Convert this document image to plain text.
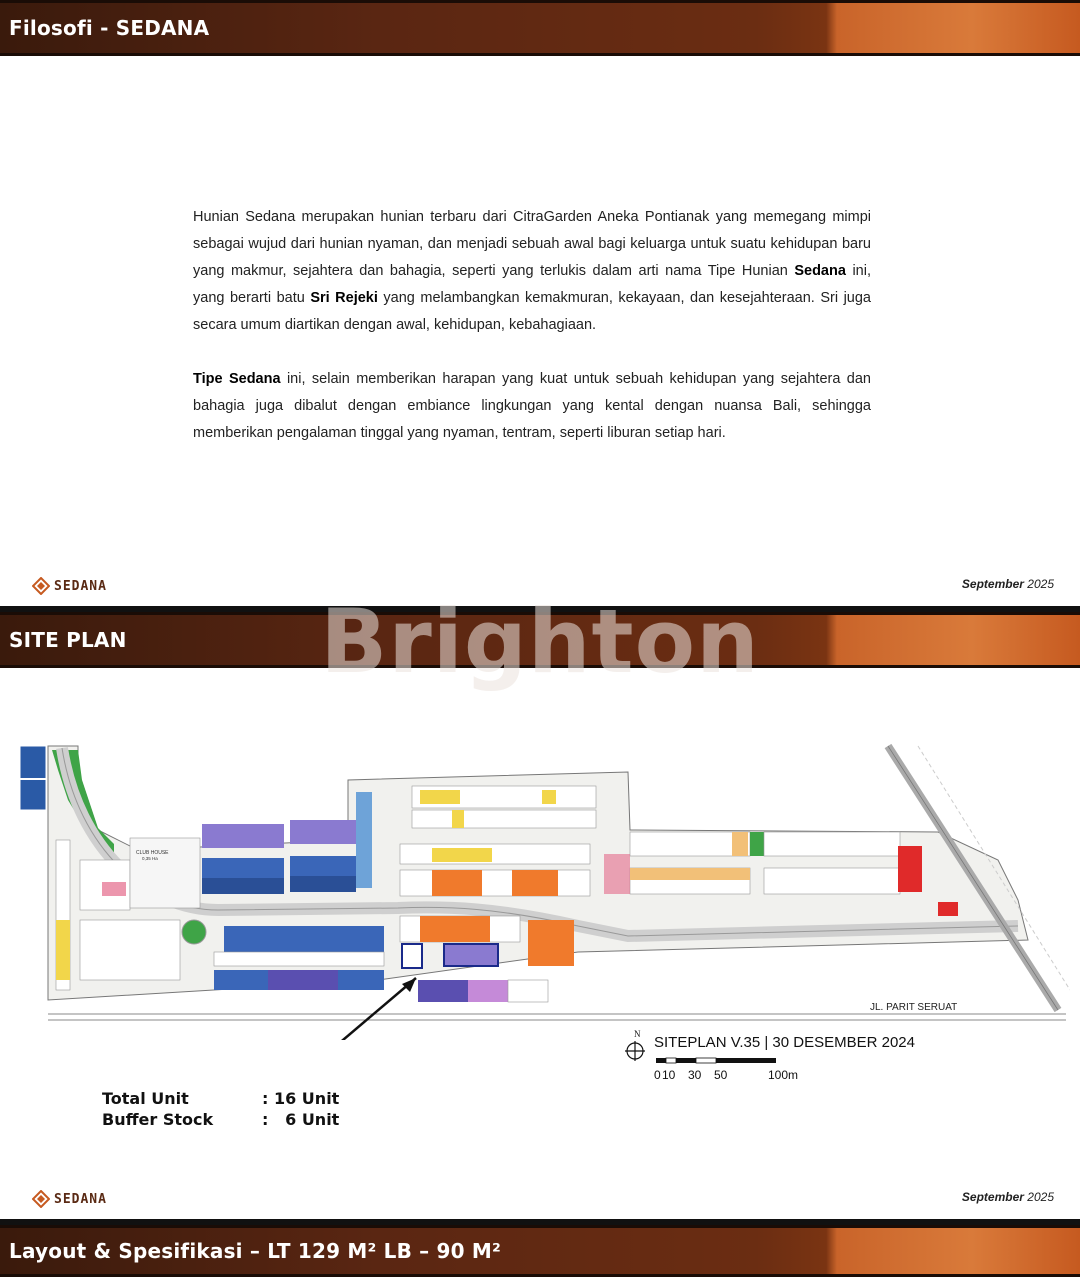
Filosofi - SEDANA

Hunian Sedana merupakan hunian terbaru dari CitraGarden Aneka Pontianak yang memegang mimpi sebagai wujud dari hunian nyaman, dan menjadi sebuah awal bagi keluarga untuk suatu kehidupan baru yang makmur, sejahtera dan bahagia, seperti yang terlukis dalam arti nama Tipe Hunian Sedana ini, yang berarti batu Sri Rejeki yang melambangkan kemakmuran, kekayaan, dan kesejahteraan. Sri juga secara umum diartikan dengan awal, kehidupan, kebahagiaan.

Tipe Sedana ini, selain memberikan harapan yang kuat untuk sebuah kehidupan yang sejahtera dan bahagia juga dibalut dengan embiance lingkungan yang kental dengan nuansa Bali, sehingga memberikan pengalaman tinggal yang nyaman, tentram, seperti liburan setiap hari.

SEDANA	September 2025
SITE PLAN	Brighton
CLUB HOUSE
0,35 Ha
JL. PARIT SERUAT
N SITEPLAN V.35 | 30 DESEMBER 2024
0 10 30 50	100m
Total Unit	: 16 Unit
Buffer Stock	:   6 Unit
SEDANA	September 2025
Layout & Spesifikasi – LT 129 M² LB – 90 M²
